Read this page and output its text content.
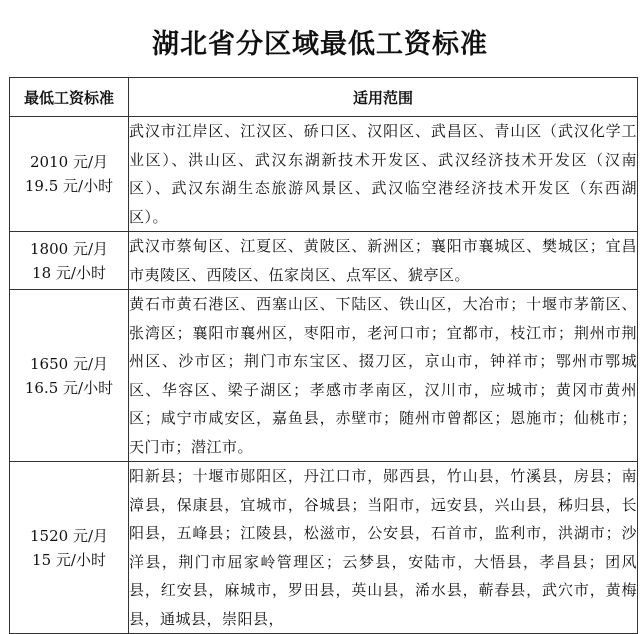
湖北省分区域最低工资标准
最低工资标准	适用范围

2010 元/月
19.5 元/小时	武汉市江岸区、江汉区、硚口区、汉阳区、武昌区、青山区（武汉化学工业区）、洪山区、武汉东湖新技术开发区、武汉经济技术开发区（汉南区）、武汉东湖生态旅游风景区、武汉临空港经济技术开发区（东西湖区）。

1800 元/月
18 元/小时	武汉市蔡甸区、江夏区、黄陂区、新洲区；襄阳市襄城区、樊城区；宜昌市夷陵区、西陵区、伍家岗区、点军区、猇亭区。

1650 元/月
16.5 元/小时	黄石市黄石港区、西塞山区、下陆区、铁山区，大冶市；十堰市茅箭区、张湾区；襄阳市襄州区，枣阳市，老河口市；宜都市，枝江市；荆州市荆州区、沙市区；荆门市东宝区、掇刀区，京山市，钟祥市；鄂州市鄂城区、华容区、梁子湖区；孝感市孝南区，汉川市，应城市；黄冈市黄州区；咸宁市咸安区，嘉鱼县，赤壁市；随州市曾都区；恩施市；仙桃市；天门市；潜江市。

1520 元/月
15 元/小时	阳新县；十堰市郧阳区，丹江口市，郧西县，竹山县，竹溪县，房县；南漳县，保康县，宜城市，谷城县；当阳市，远安县，兴山县，秭归县，长阳县，五峰县；江陵县，松滋市，公安县，石首市，监利市，洪湖市；沙洋县，荆门市屈家岭管理区；云梦县，安陆市，大悟县，孝昌县；团风县，红安县，麻城市，罗田县，英山县，浠水县，蕲春县，武穴市，黄梅县，通城县，崇阳县，
